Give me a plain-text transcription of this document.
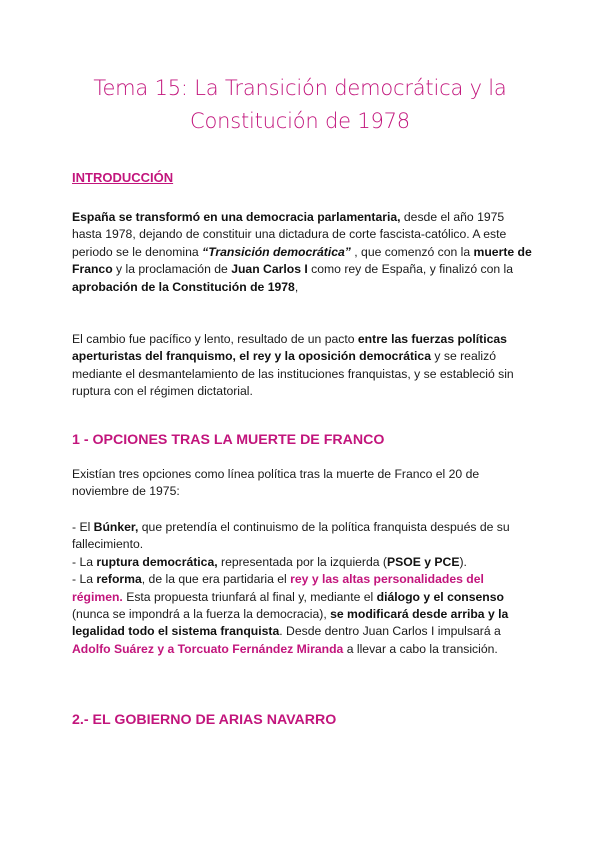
Tema 15: La Transición democrática y la
Constitución de 1978
INTRODUCCIÓN
España se transformó en una democracia parlamentaria, desde el año 1975 hasta 1978, dejando de constituir una dictadura de corte fascista-católico. A este periodo se le denomina “Transición democrática” , que comenzó con la muerte de Franco y la proclamación de Juan Carlos I como rey de España, y finalizó con la aprobación de la Constitución de 1978,
El cambio fue pacífico y lento, resultado de un pacto entre las fuerzas políticas aperturistas del franquismo, el rey y la oposición democrática y se realizó mediante el desmantelamiento de las instituciones franquistas, y se estableció sin ruptura con el régimen dictatorial.
1 - OPCIONES TRAS LA MUERTE DE FRANCO
Existían tres opciones como línea política tras la muerte de Franco el 20 de noviembre de 1975:
- El Búnker, que pretendía el continuismo de la política franquista después de su fallecimiento.
- La ruptura democrática, representada por la izquierda (PSOE y PCE).
- La reforma, de la que era partidaria el rey y las altas personalidades del régimen. Esta propuesta triunfará al final y, mediante el diálogo y el consenso (nunca se impondrá a la fuerza la democracia), se modificará desde arriba y la legalidad todo el sistema franquista. Desde dentro Juan Carlos I impulsará a Adolfo Suárez y a Torcuato Fernández Miranda a llevar a cabo la transición.
2.- EL GOBIERNO DE ARIAS NAVARRO
